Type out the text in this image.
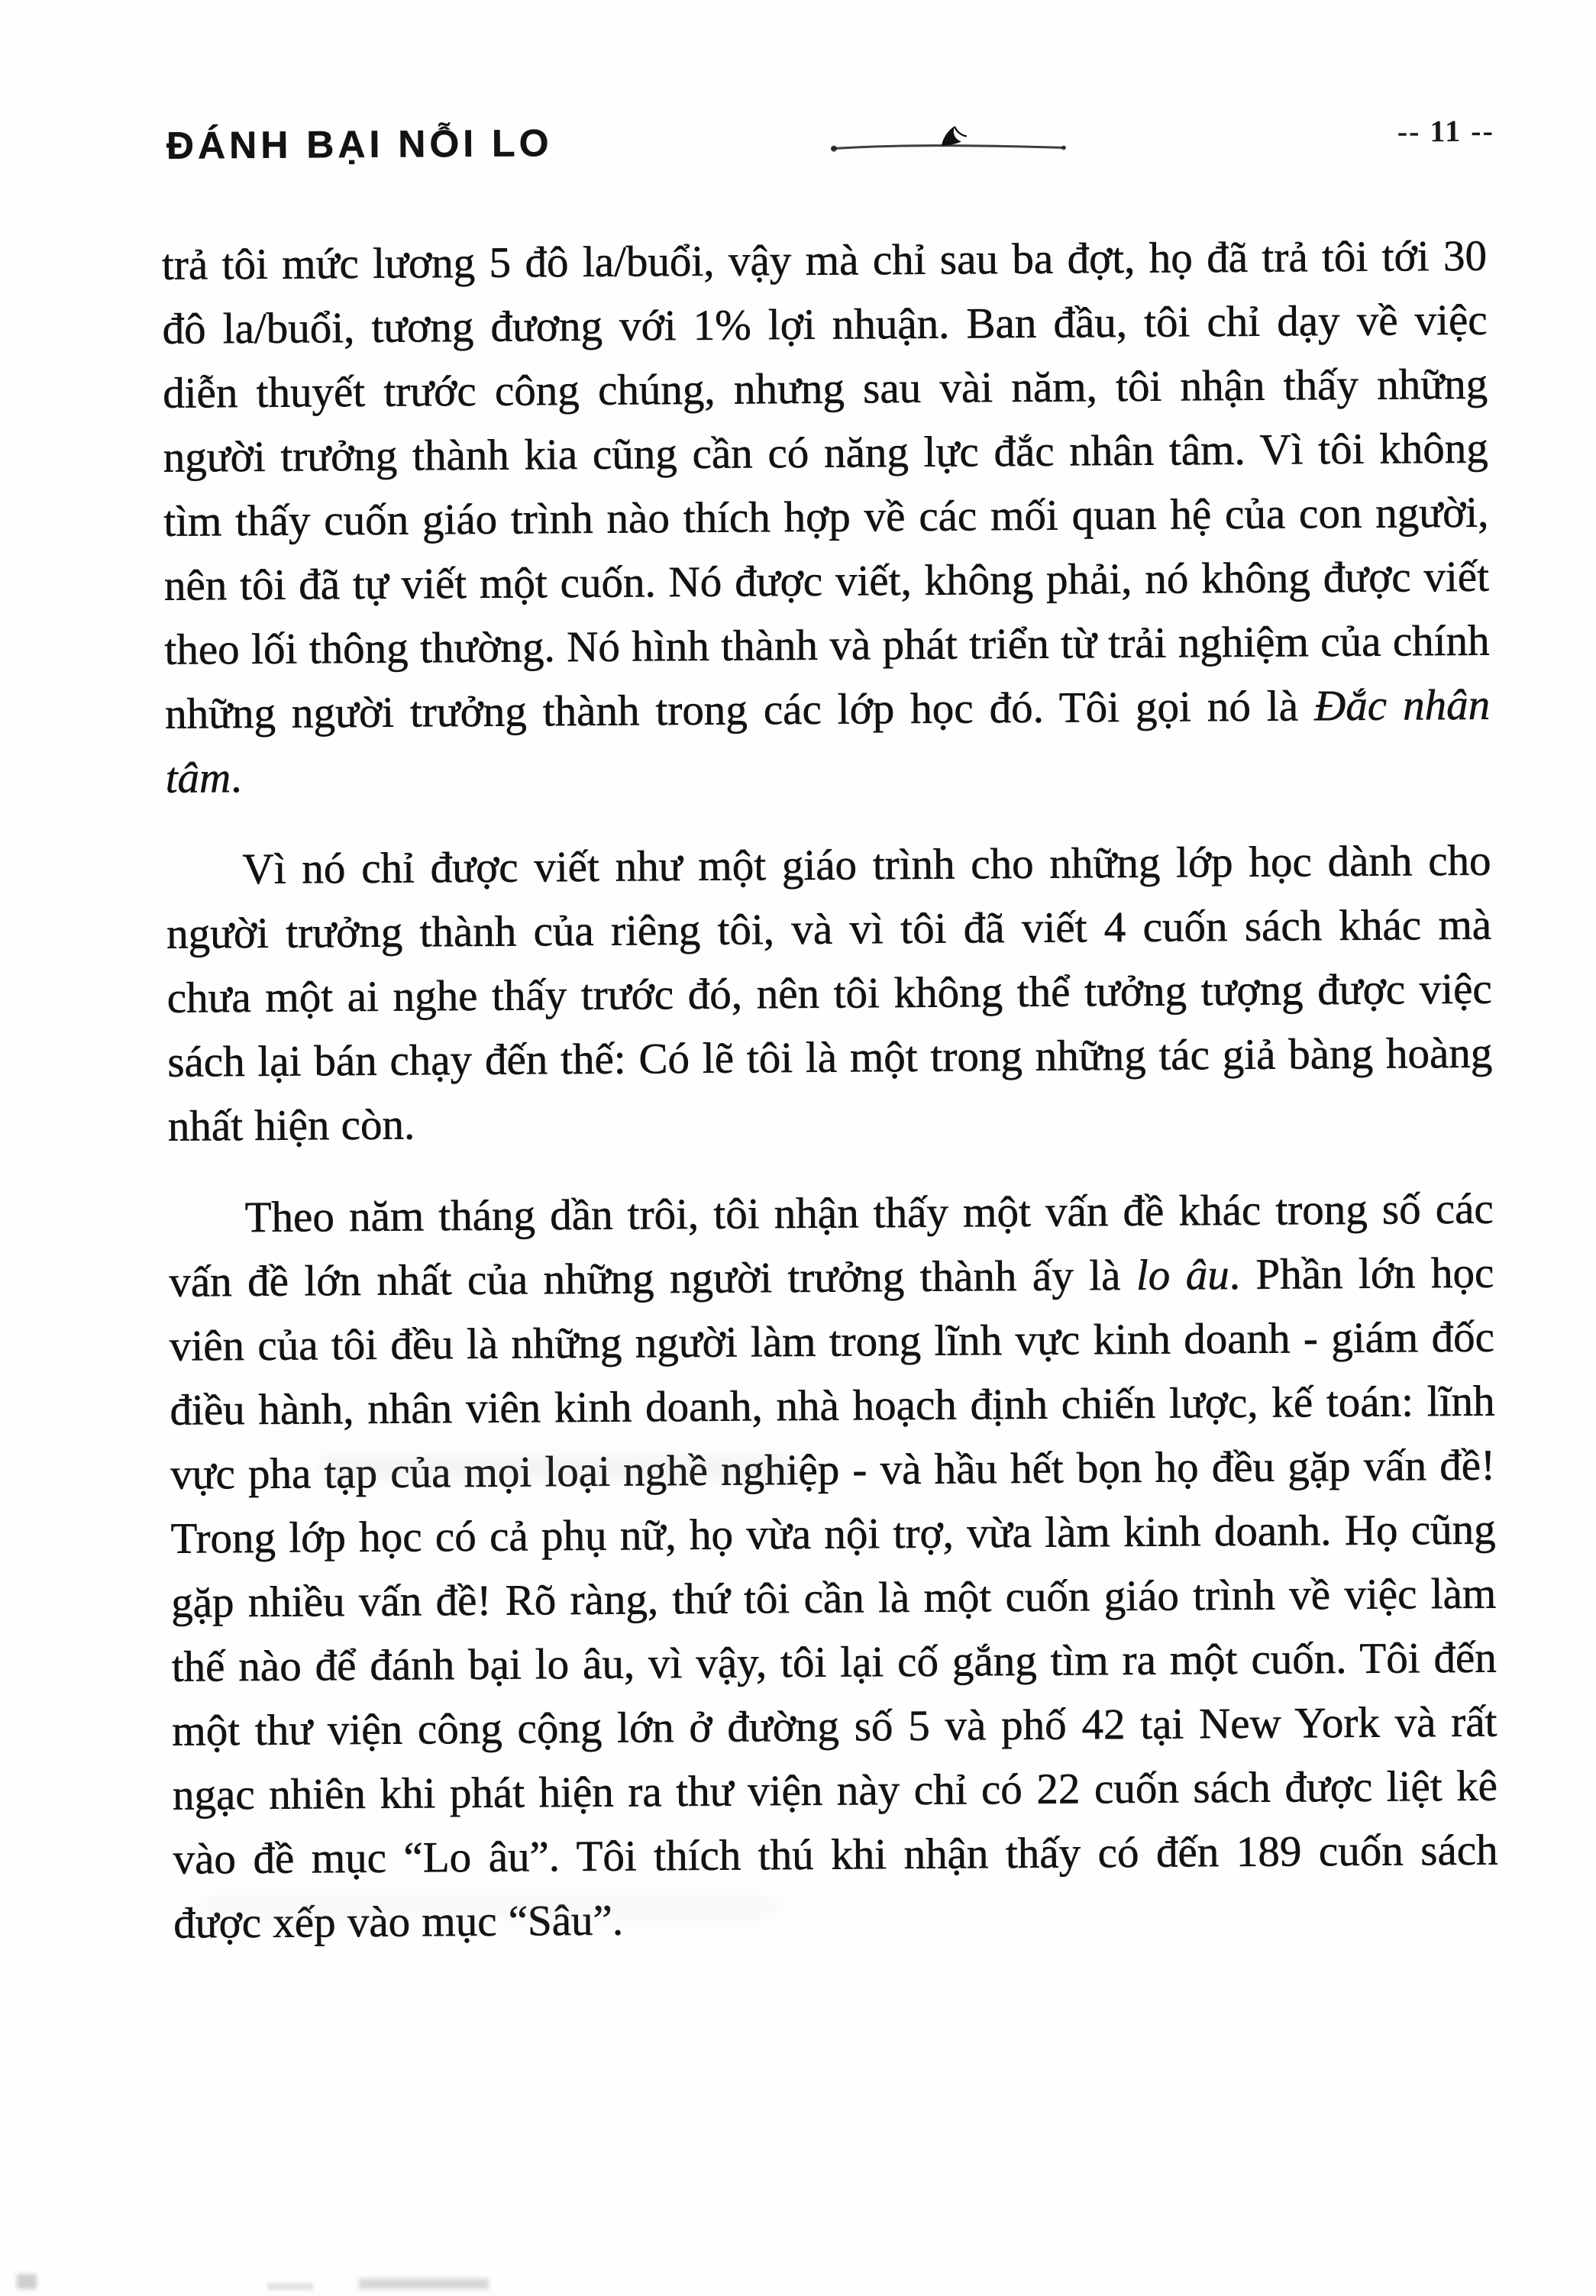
ĐÁNH BẠI NỖI LO	-- 11 --

trả tôi mức lương 5 đô la/buổi, vậy mà chỉ sau ba đợt, họ đã trả tôi tới 30 đô la/buổi, tương đương với 1% lợi nhuận. Ban đầu, tôi chỉ dạy về việc diễn thuyết trước công chúng, nhưng sau vài năm, tôi nhận thấy những người trưởng thành kia cũng cần có năng lực đắc nhân tâm. Vì tôi không tìm thấy cuốn giáo trình nào thích hợp về các mối quan hệ của con người, nên tôi đã tự viết một cuốn. Nó được viết, không phải, nó không được viết theo lối thông thường. Nó hình thành và phát triển từ trải nghiệm của chính những người trưởng thành trong các lớp học đó. Tôi gọi nó là Đắc nhân tâm.

Vì nó chỉ được viết như một giáo trình cho những lớp học dành cho người trưởng thành của riêng tôi, và vì tôi đã viết 4 cuốn sách khác mà chưa một ai nghe thấy trước đó, nên tôi không thể tưởng tượng được việc sách lại bán chạy đến thế: Có lẽ tôi là một trong những tác giả bàng hoàng nhất hiện còn.

Theo năm tháng dần trôi, tôi nhận thấy một vấn đề khác trong số các vấn đề lớn nhất của những người trưởng thành ấy là lo âu. Phần lớn học viên của tôi đều là những người làm trong lĩnh vực kinh doanh - giám đốc điều hành, nhân viên kinh doanh, nhà hoạch định chiến lược, kế toán: lĩnh vực pha tạp của mọi loại nghề nghiệp - và hầu hết bọn họ đều gặp vấn đề! Trong lớp học có cả phụ nữ, họ vừa nội trợ, vừa làm kinh doanh. Họ cũng gặp nhiều vấn đề! Rõ ràng, thứ tôi cần là một cuốn giáo trình về việc làm thế nào để đánh bại lo âu, vì vậy, tôi lại cố gắng tìm ra một cuốn. Tôi đến một thư viện công cộng lớn ở đường số 5 và phố 42 tại New York và rất ngạc nhiên khi phát hiện ra thư viện này chỉ có 22 cuốn sách được liệt kê vào đề mục “Lo âu”. Tôi thích thú khi nhận thấy có đến 189 cuốn sách được xếp vào mục “Sâu”.
